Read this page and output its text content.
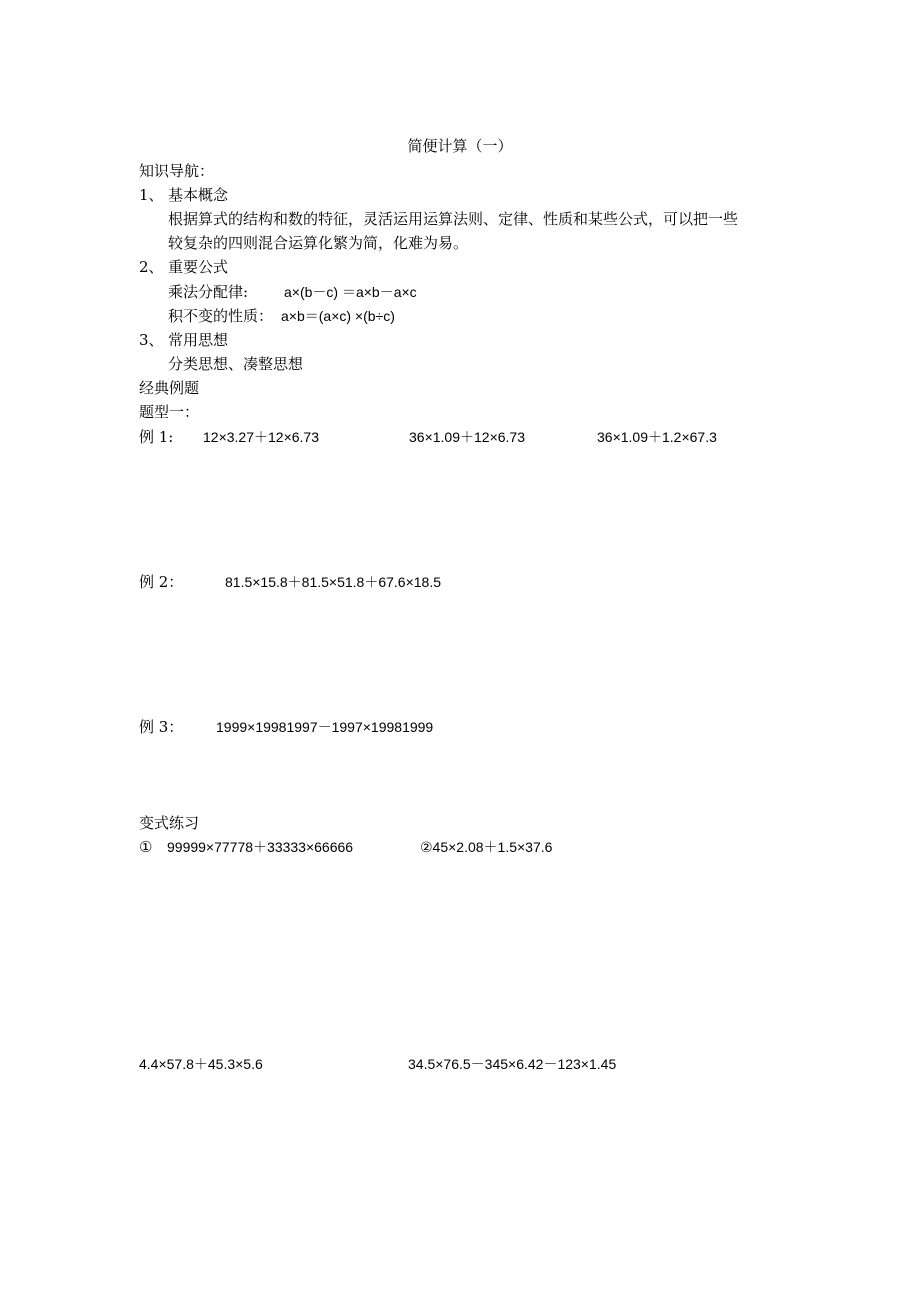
简便计算（一）
知识导航：
1、 基本概念
根据算式的结构和数的特征，灵活运用运算法则、定律、性质和某些公式，可以把一些
较复杂的四则混合运算化繁为简，化难为易。
2、 重要公式
乘法分配律:	a×(b－c) ＝a×b－a×c
积不变的性质： a×b＝(a×c) ×(b÷c)
3、 常用思想
分类思想、凑整思想
经典例题
题型一：
例 1: 12×3.27＋12×6.73	36×1.09＋12×6.73	36×1.09＋1.2×67.3
例 2：	81.5×15.8＋81.5×51.8＋67.6×18.5
例 3： 1999×19981997－1997×19981999
变式练习
① 99999×77778＋33333×66666	②45×2.08＋1.5×37.6
4.4×57.8＋45.3×5.6	34.5×76.5－345×6.42－123×1.45
